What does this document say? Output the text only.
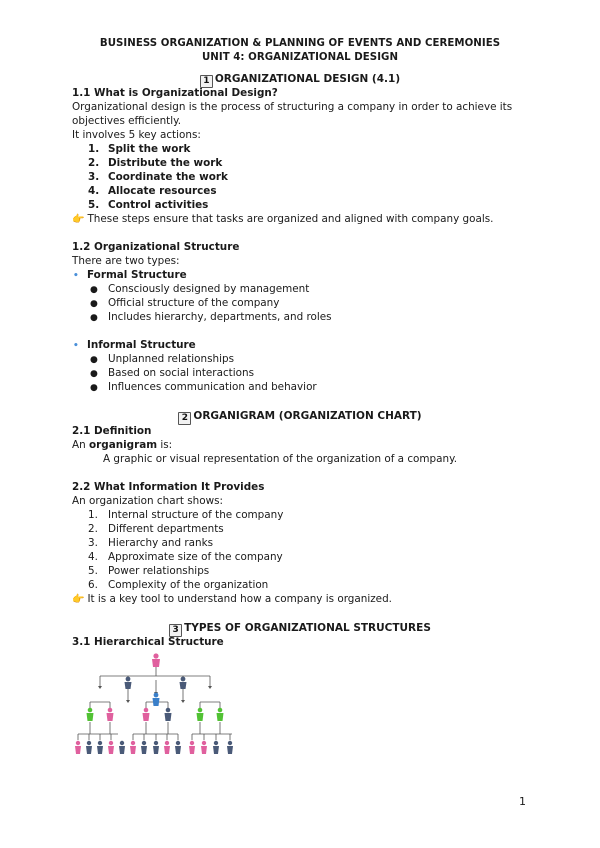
BUSINESS ORGANIZATION & PLANNING OF EVENTS AND CEREMONIES
UNIT 4: ORGANIZATIONAL DESIGN
1 ORGANIZATIONAL DESIGN (4.1)
1.1 What is Organizational Design?
Organizational design is the process of structuring a company in order to achieve its
objectives efficiently.
It involves 5 key actions:
1. Split the work
2. Distribute the work
3. Coordinate the work
4. Allocate resources
5. Control activities
👉 These steps ensure that tasks are organized and aligned with company goals.
1.2 Organizational Structure
There are two types:
• Formal Structure
● Consciously designed by management
● Official structure of the company
● Includes hierarchy, departments, and roles
• Informal Structure
● Unplanned relationships
● Based on social interactions
● Influences communication and behavior
2 ORGANIGRAM (ORGANIZATION CHART)
2.1 Definition
An organigram is:
A graphic or visual representation of the organization of a company.
2.2 What Information It Provides
An organization chart shows:
1. Internal structure of the company
2. Different departments
3. Hierarchy and ranks
4. Approximate size of the company
5. Power relationships
6. Complexity of the organization
👉 It is a key tool to understand how a company is organized.
3 TYPES OF ORGANIZATIONAL STRUCTURES
3.1 Hierarchical Structure
1
